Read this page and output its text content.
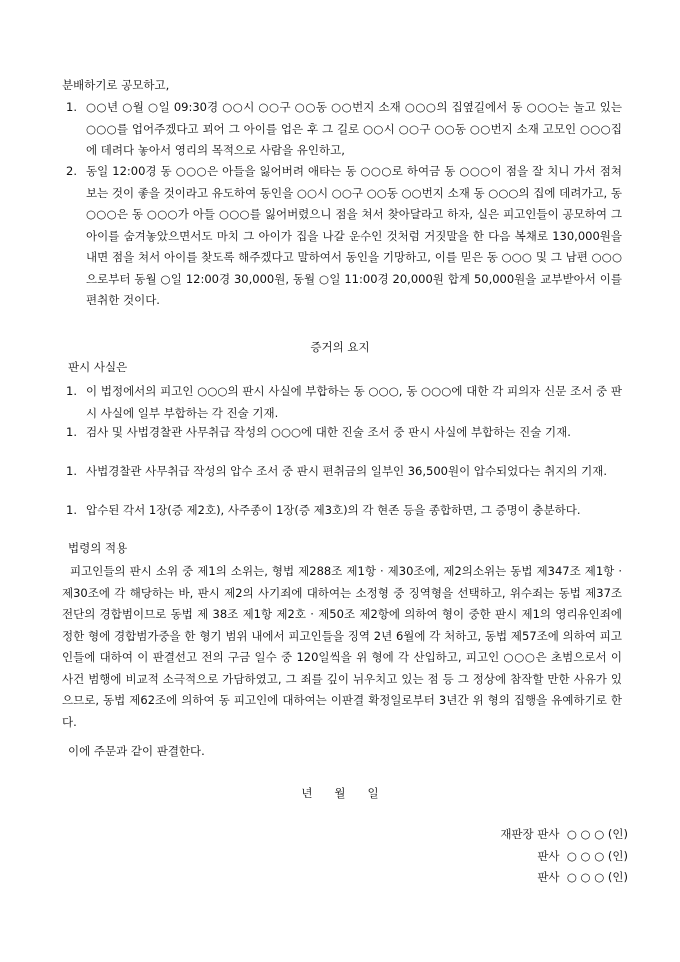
분배하기로 공모하고,

1. ○○년 ○월 ○일 09:30경 ○○시 ○○구 ○○동 ○○번지 소재 ○○○의 집옆길에서 동 ○○○는 놀고 있는 ○○○를 업어주겠다고 꾀어 그 아이를 업은 후 그 길로 ○○시 ○○구 ○○동 ○○번지 소재 고모인 ○○○집에 데려다 놓아서 영리의 목적으로 사람을 유인하고,
2. 동일 12:00경 동 ○○○은 아들을 잃어버려 애타는 동 ○○○로 하여금 동 ○○○이 점을 잘 치니 가서 점쳐보는 것이 좋을 것이라고 유도하여 동인을 ○○시 ○○구 ○○동 ○○번지 소재 동 ○○○의 집에 데려가고, 동 ○○○은 동 ○○○가 아들 ○○○를 잃어버렸으니 점을 쳐서 찾아달라고 하자, 실은 피고인들이 공모하여 그 아이를 숨겨놓았으면서도 마치 그 아이가 집을 나갈 운수인 것처럼 거짓말을 한 다음 복채로 130,000원을 내면 점을 쳐서 아이를 찾도록 해주겠다고 말하여서 동인을 기망하고, 이를 믿은 동 ○○○ 및 그 남편 ○○○으로부터 동월 ○일 12:00경 30,000원, 동월 ○일 11:00경 20,000원 합계 50,000원을 교부받아서 이를 편취한 것이다.

증거의 요지

판시 사실은

1. 이 법정에서의 피고인 ○○○의 판시 사실에 부합하는 동 ○○○, 동 ○○○에 대한 각 피의자 신문 조서 중 판시 사실에 일부 부합하는 각 진술 기재.
1. 검사 및 사법경찰관 사무취급 작성의 ○○○에 대한 진술 조서 중 판시 사실에 부합하는 진술 기재.
1. 사법경찰관 사무취급 작성의 압수 조서 중 판시 편취금의 일부인 36,500원이 압수되었다는 취지의 기재.
1. 압수된 각서 1장(증 제2호), 사주종이 1장(증 제3호)의 각 현존 등을 종합하면, 그 증명이 충분하다.

법령의 적용

피고인들의 판시 소위 중 제1의 소위는, 형법 제288조 제1항 · 제30조에, 제2의소위는 동법 제347조 제1항 · 제30조에 각 해당하는 바, 판시 제2의 사기죄에 대하여는 소정형 중 징역형을 선택하고, 위수죄는 동법 제37조 전단의 경합범이므로 동법 제 38조 제1항 제2호 · 제50조 제2항에 의하여 형이 중한 판시 제1의 영리유인죄에 정한 형에 경합범가중을 한 형기 범위 내에서 피고인들을 징역 2년 6월에 각 처하고, 동법 제57조에 의하여 피고인들에 대하여 이 판결선고 전의 구금 일수 중 120일씩을 위 형에 각 산입하고, 피고인 ○○○은 초범으로서 이 사건 범행에 비교적 소극적으로 가담하였고, 그 죄를 깊이 뉘우치고 있는 점 등 그 정상에 참작할 만한 사유가 있으므로, 동법 제62조에 의하여 동 피고인에 대하여는 이판결 확정일로부터 3년간 위 형의 집행을 유예하기로 한다.

이에 주문과 같이 판결한다.

년      월      일

재판장 판사  ○ ○ ○ (인)

판사  ○ ○ ○ (인)

판사  ○ ○ ○ (인)
